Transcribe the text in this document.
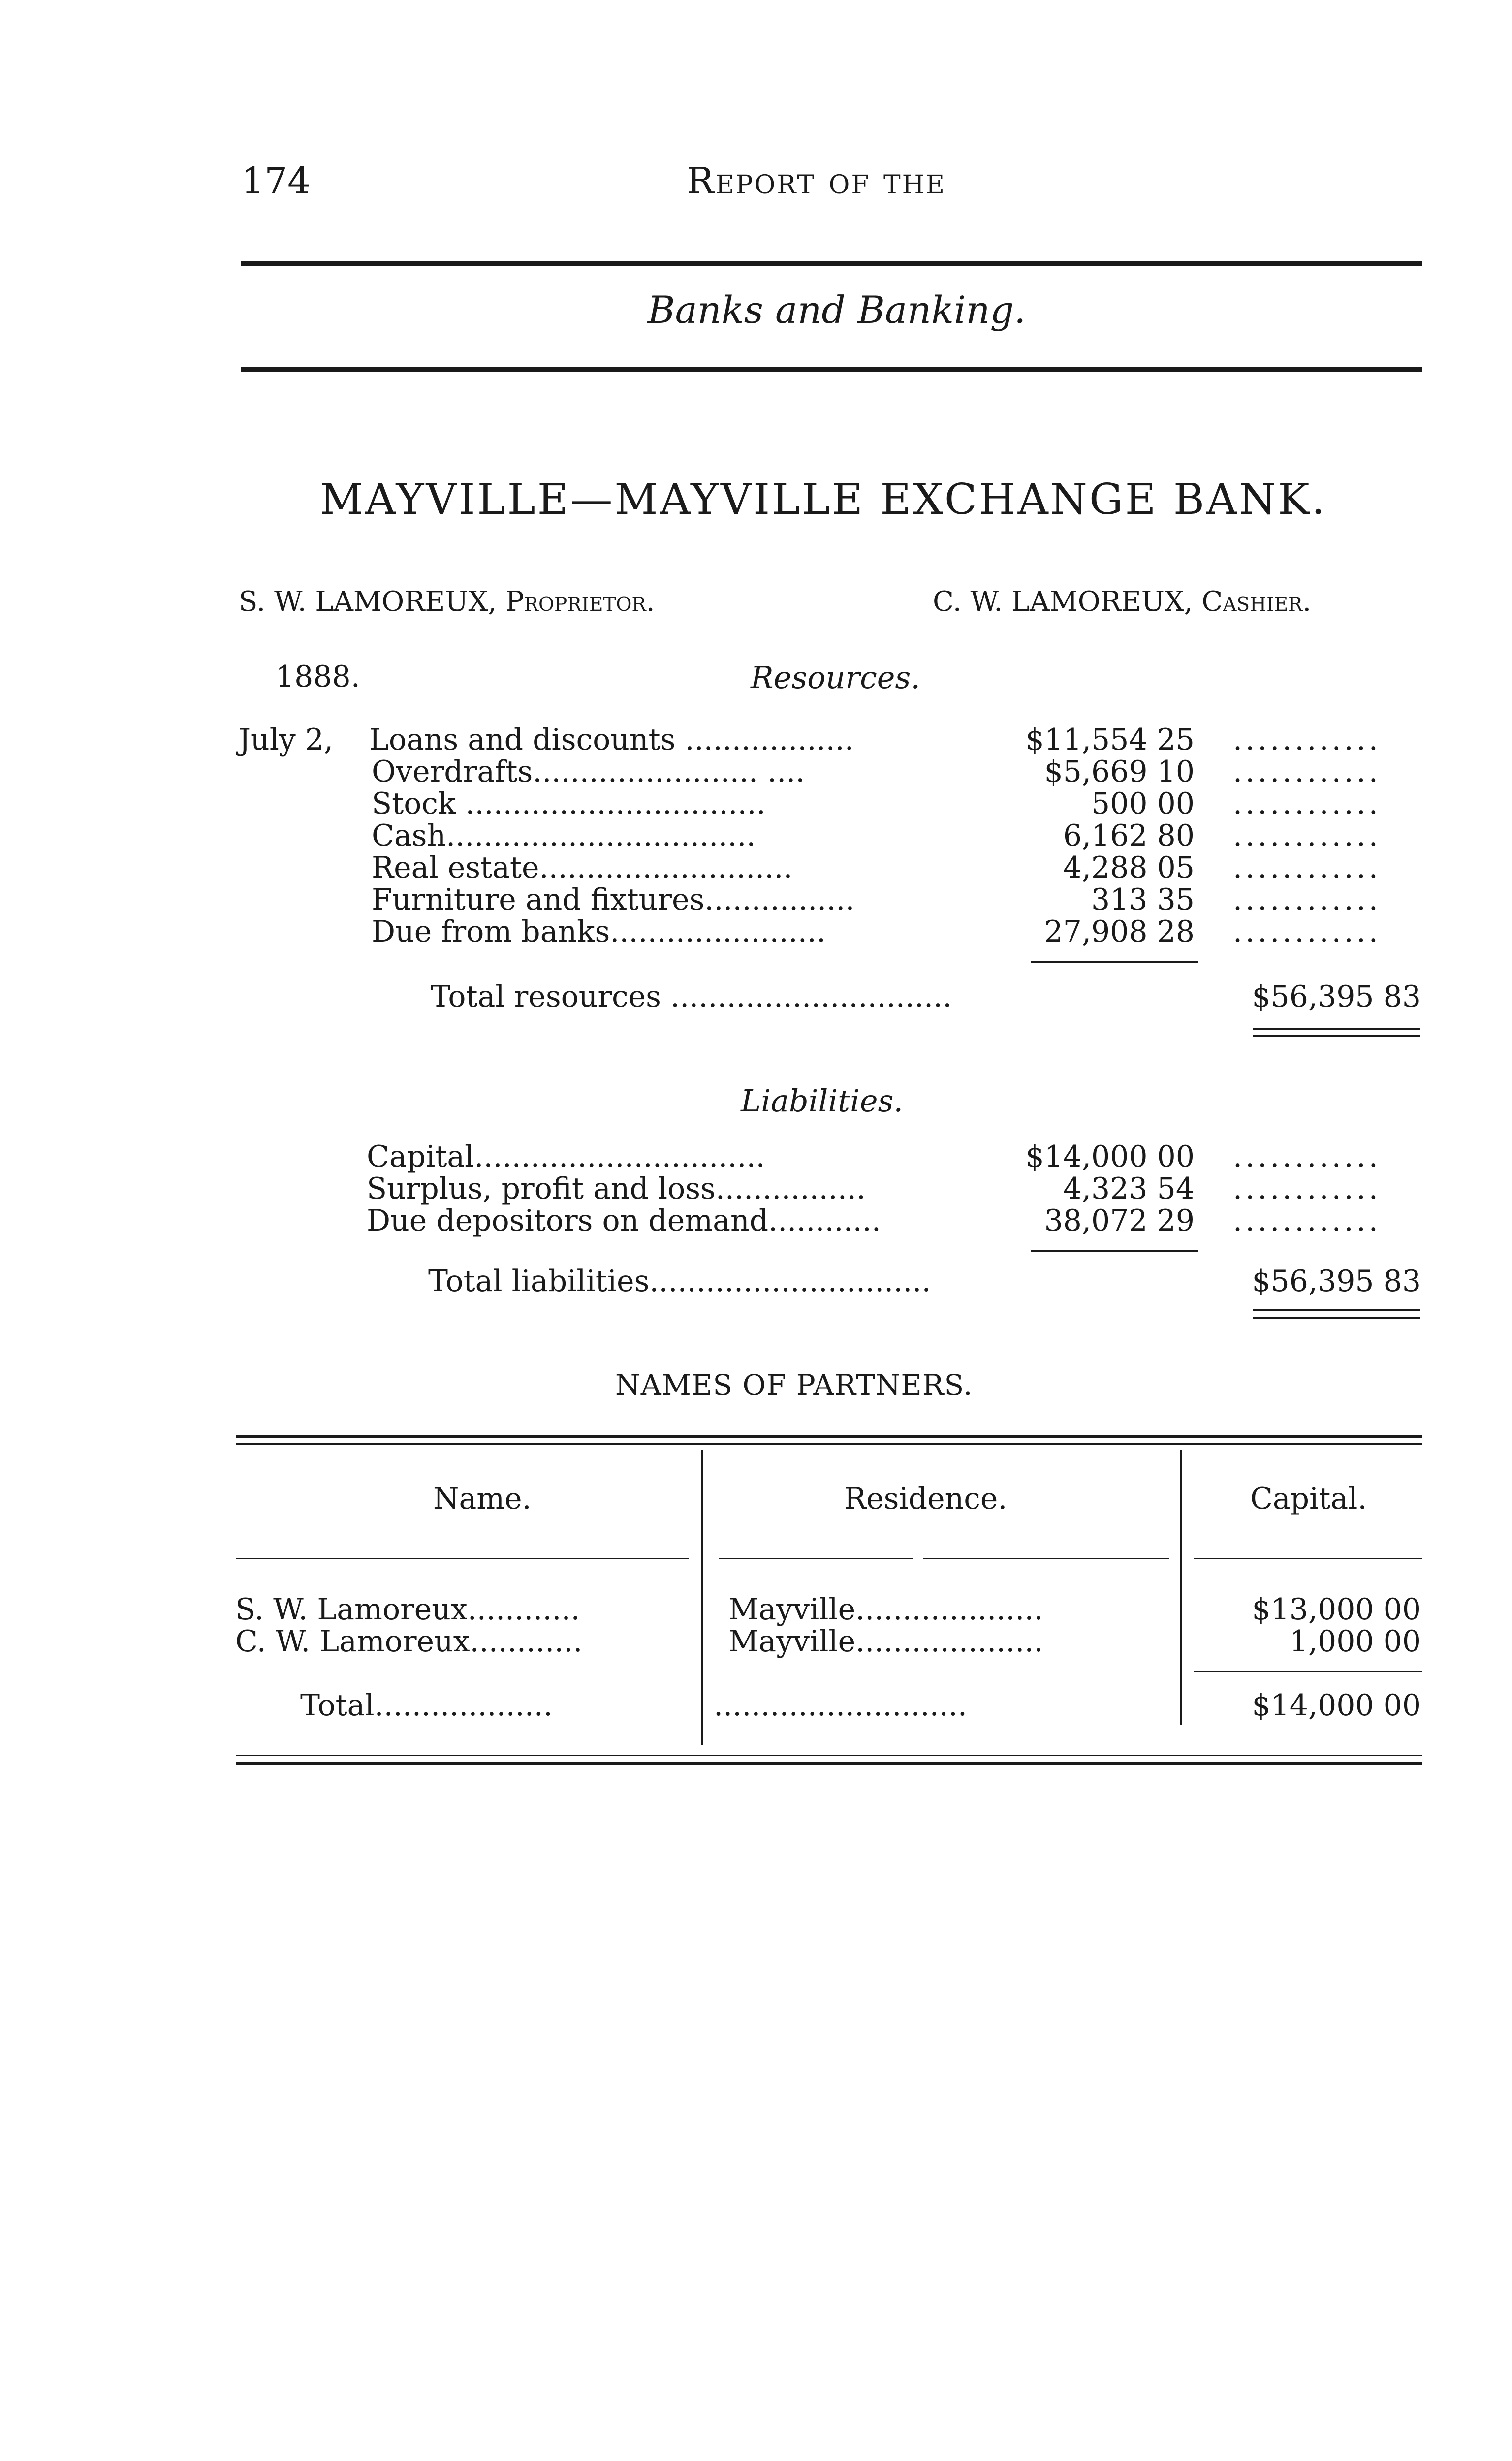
174	Report of the
Banks and Banking.
MAYVILLE—MAYVILLE EXCHANGE BANK.
S. W. LAMOREUX, Proprietor.	C. W. LAMOREUX, Cashier.
1888.	Resources.
July 2, Loans and discounts ..................	$11,554 25 ............
Overdrafts........................ ....	$5,669 10 ............
Stock ................................	500 00 ............
Cash.................................	6,162 80 ............
Real estate...........................	4,288 05 ............
Furniture and fixtures................	313 35 ............
Due from banks.......................	27,908 28 ............
Total resources ..............................	$56,395 83
Liabilities.
Capital...............................	$14,000 00 ............
Surplus, profit and loss................	4,323 54 ............
Due depositors on demand............	38,072 29 ............
Total liabilities..............................	$56,395 83
NAMES OF PARTNERS.
Name.	Residence.	Capital.
S. W. Lamoreux............	Mayville....................	$13,000 00
C. W. Lamoreux............	Mayville....................	1,000 00
Total...................	...........................	$14,000 00
